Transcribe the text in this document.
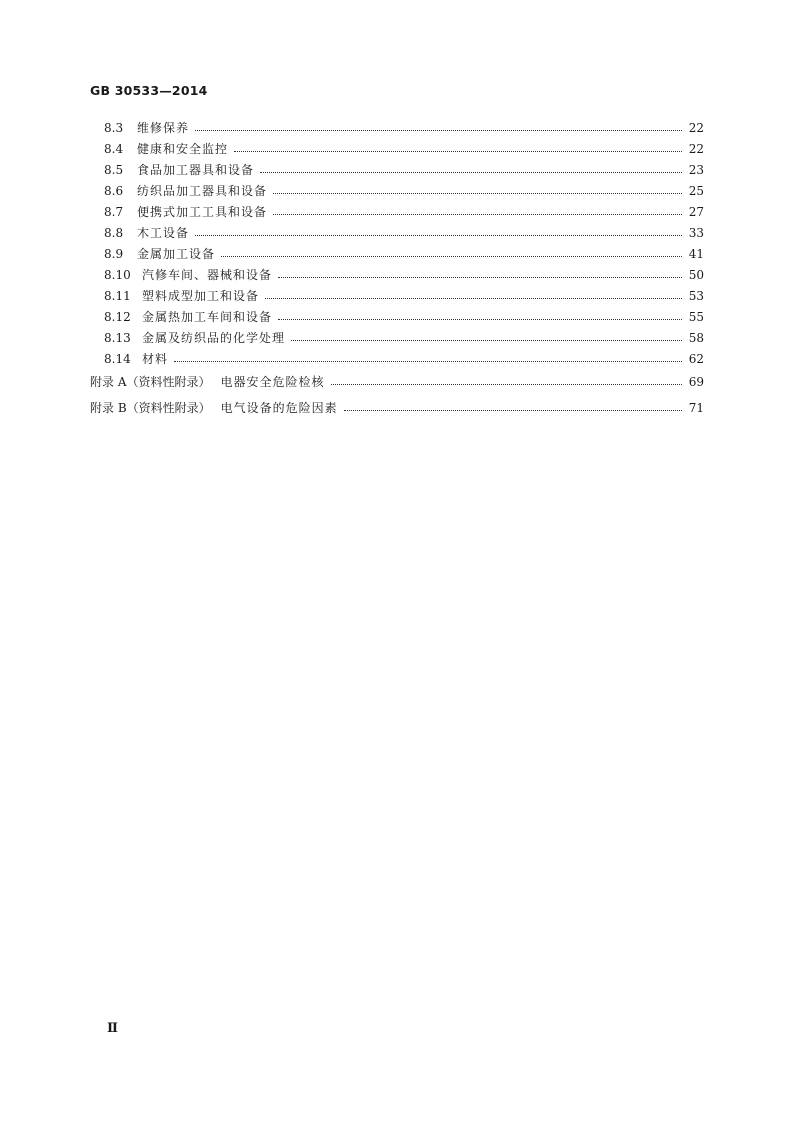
GB 30533—2014
8.3	维修保养	22
8.4	健康和安全监控	22
8.5	食品加工器具和设备	23
8.6	纺织品加工器具和设备	25
8.7	便携式加工工具和设备	27
8.8	木工设备	33
8.9	金属加工设备	41
8.10 汽修车间、器械和设备	50
8.11 塑料成型加工和设备	53
8.12 金属热加工车间和设备	55
8.13 金属及纺织品的化学处理	58
8.14 材料	62
附录 A（资料性附录） 电器安全危险检核	69
附录 B（资料性附录） 电气设备的危险因素	71
Ⅱ
